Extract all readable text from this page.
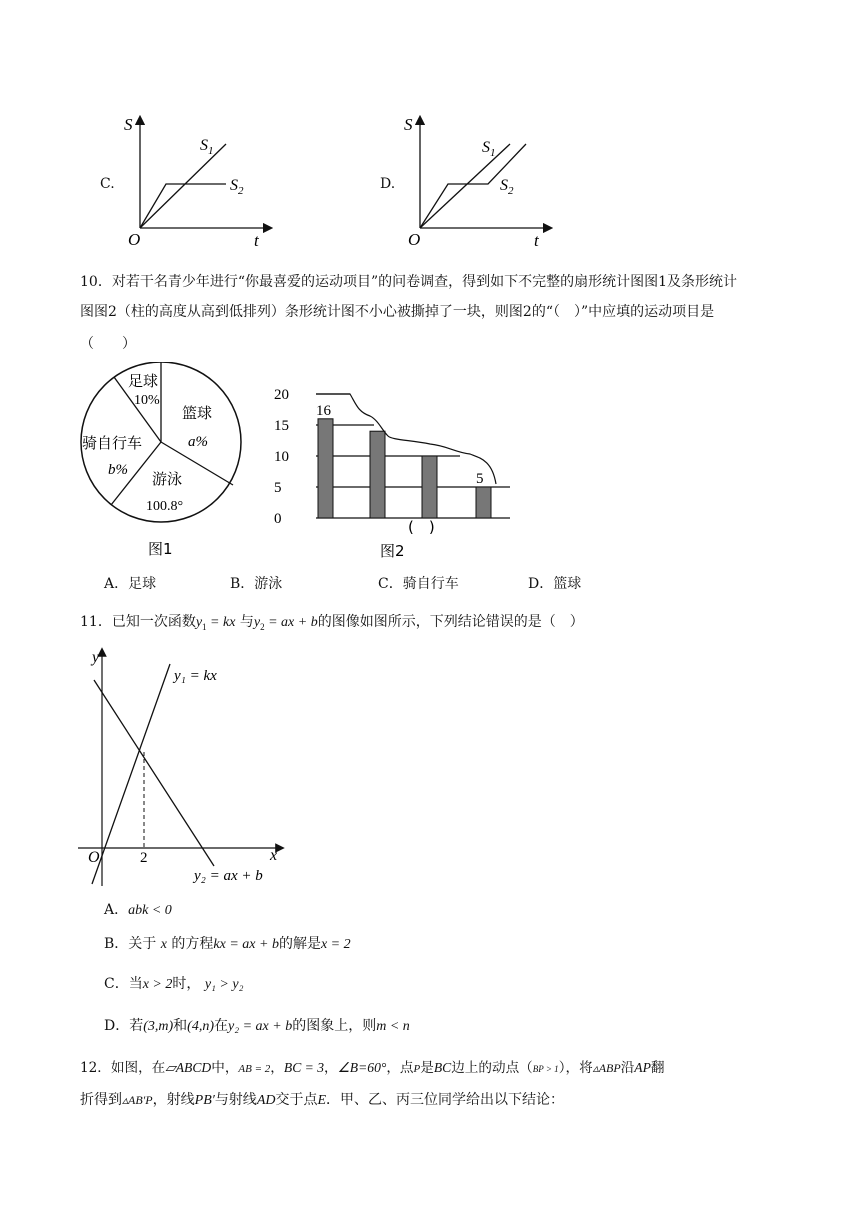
C.
S
t
O
$S_1$
$S_2$	D.
S
t
O
$S_1$
$S_2$
10．对若干名青少年进行“你最喜爱的运动项目”的问卷调查，得到如下不完整的扇形统计图图1及条形统计
图图2（柱的高度从高到低排列）条形统计图不小心被撕掉了一块，则图2的“（　）”中应填的运动项目是
（　　）
足球
10%
篮球
a%
骑自行车
b% 游泳
100.8°
图1
20
15
10
5
0
16
5
(　)
图2
A．足球	B．游泳	C．骑自行车	D．篮球
11．已知一次函数$y_1$ = kx 与$y_2$ = ax + b的图像如图所示，下列结论错误的是（　）
y
x
O	2
y₁ = kx
y₂ = ax + b
A．abk < 0
B．关于 x 的方程kx = ax + b的解是x = 2
C．当x > 2时， y₁ > y₂
D．若(3,m)和(4,n)在y₂ = ax + b的图象上，则m < n
12．如图，在▱ABCD中，AB = 2，BC = 3，∠B=60°，点P是BC边上的动点（BP > 1），将▵ABP沿AP翻
折得到▵AB′P，射线PB′与射线AD交于点E．甲、乙、丙三位同学给出以下结论：
